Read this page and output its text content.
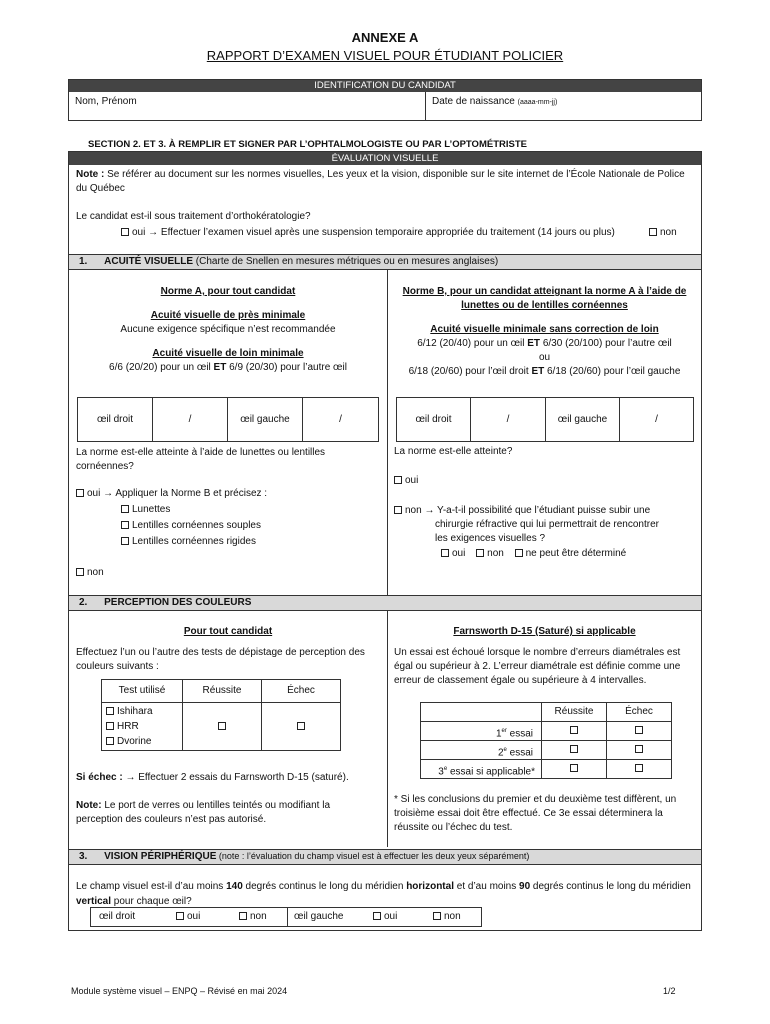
ANNEXE A
RAPPORT D’EXAMEN VISUEL POUR ÉTUDIANT POLICIER
IDENTIFICATION DU CANDIDAT
Nom, Prénom	Date de naissance (aaaa-mm-jj)
SECTION 2. ET 3. À REMPLIR ET SIGNER PAR L’OPHTALMOLOGISTE OU PAR L’OPTOMÉTRISTE
ÉVALUATION VISUELLE
Note : Se référer au document sur les normes visuelles, Les yeux et la vision, disponible sur le site internet de l’École Nationale de Police du Québec
Le candidat est-il sous traitement d’orthokératologie?
oui → Effectuer l’examen visuel après une suspension temporaire appropriée du traitement (14 jours ou plus)	non
1. ACUITÉ VISUELLE (Charte de Snellen en mesures métriques ou en mesures anglaises)
Norme A, pour tout candidat
Acuité visuelle de près minimale
Aucune exigence spécifique n’est recommandée
Acuité visuelle de loin minimale
6/6 (20/20) pour un œil ET 6/9 (20/30) pour l’autre œil
Norme B, pour un candidat atteignant la norme A à l’aide de
lunettes ou de lentilles cornéennes
Acuité visuelle minimale sans correction de loin
6/12 (20/40) pour un œil ET 6/30 (20/100) pour l’autre œil
ou
6/18 (20/60) pour l’œil droit ET 6/18 (20/60) pour l’œil gauche
œil droit	/	œil gauche	/	œil droit	/	œil gauche	/
La norme est-elle atteinte à l’aide de lunettes ou lentilles cornéennes?
oui → Appliquer la Norme B et précisez :
Lunettes
Lentilles cornéennes souples
Lentilles cornéennes rigides
non
La norme est-elle atteinte?
oui
non → Y-a-t-il possibilité que l’étudiant puisse subir une
chirurgie réfractive qui lui permettrait de rencontrer
les exigences visuelles ?
oui non ne peut être déterminé
2. PERCEPTION DES COULEURS
Pour tout candidat
Effectuez l’un ou l’autre des tests de dépistage de perception des couleurs suivants :
Test utilisé	Réussite	Échec
Ishihara
HRR
Dvorine
Si échec : → Effectuer 2 essais du Farnsworth D-15 (saturé).
Note: Le port de verres ou lentilles teintés ou modifiant la perception des couleurs n’est pas autorisé.
Farnsworth D-15 (Saturé) si applicable
Un essai est échoué lorsque le nombre d’erreurs diamétrales est égal ou supérieur à 2. L’erreur diamétrale est définie comme une erreur de classement égale ou supérieure à 4 intervalles.
Réussite	Échec
1er essai
2e essai
3e essai si applicable*
* Si les conclusions du premier et du deuxième test diffèrent, un troisième essai doit être effectué. Ce 3e essai déterminera la réussite ou l’échec du test.
3. VISION PÉRIPHÉRIQUE (note : l’évaluation du champ visuel est à effectuer les deux yeux séparément)
Le champ visuel est-il d’au moins 140 degrés continus le long du méridien horizontal et d’au moins 90 degrés continus le long du méridien vertical pour chaque œil?
œil droit	oui	non	œil gauche	oui	non
Module système visuel – ENPQ – Révisé en mai 2024	1/2
